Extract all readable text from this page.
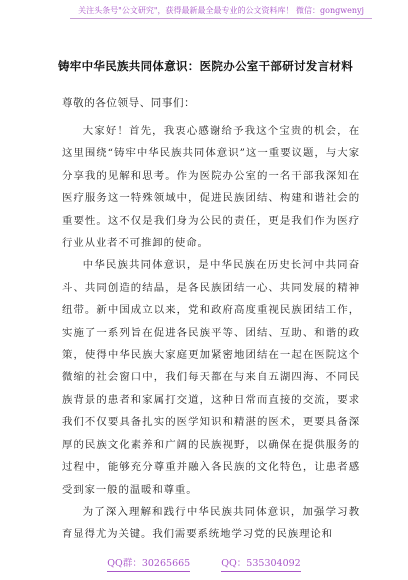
关注头条号"公文研究"，获得最新最全最专业的公文资料库！ 微信：gongwenyj
铸牢中华民族共同体意识：医院办公室干部研讨发言材料
尊敬的各位领导、同事们：

大家好！首先，我衷心感谢给予我这个宝贵的机会，在这里围绕“铸牢中华民族共同体意识”这一重要议题，与大家分享我的见解和思考。作为医院办公室的一名干部我深知在医疗服务这一特殊领域中，促进民族团结、构建和谐社会的重要性。这不仅是我们身为公民的责任，更是我们作为医疗行业从业者不可推卸的使命。

中华民族共同体意识，是中华民族在历史长河中共同奋斗、共同创造的结晶，是各民族团结一心、共同发展的精神纽带。新中国成立以来，党和政府高度重视民族团结工作，实施了一系列旨在促进各民族平等、团结、互助、和谐的政策，使得中华民族大家庭更加紧密地团结在一起在医院这个微缩的社会窗口中，我们每天都在与来自五湖四海、不同民族背景的患者和家属打交道，这种日常而直接的交流，要求我们不仅要具备扎实的医学知识和精湛的医术，更要具备深厚的民族文化素养和广阔的民族视野，以确保在提供服务的过程中，能够充分尊重并融入各民族的文化特色，让患者感受到家一般的温暖和尊重。

为了深入理解和践行中华民族共同体意识，加强学习教育显得尤为关键。我们需要系统地学习党的民族理论和

QQ群：30265665	QQ：535304092
